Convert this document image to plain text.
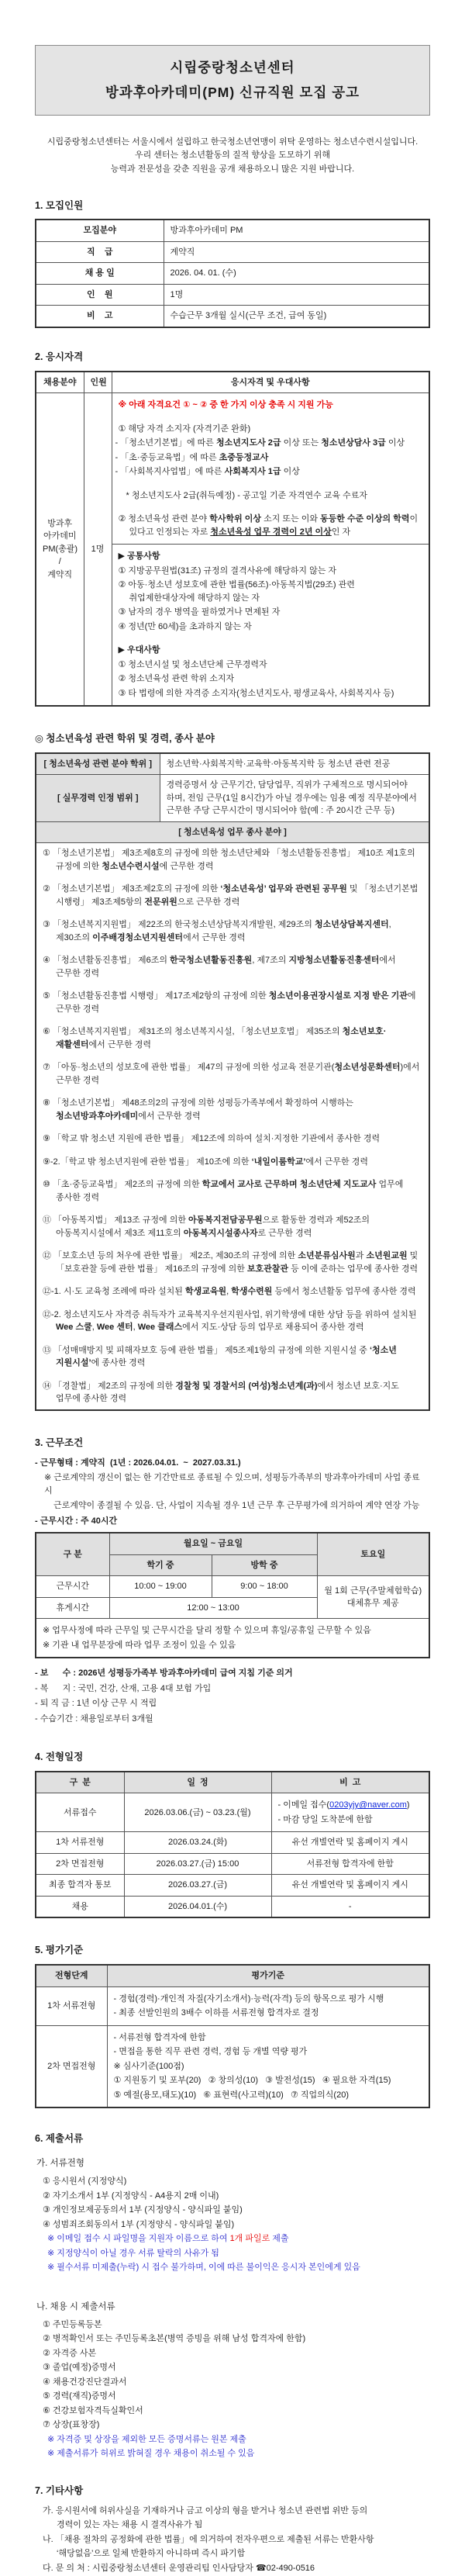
시립중랑청소년센터
방과후아카데미(PM) 신규직원 모집 공고
시립중랑청소년센터는 서울시에서 설립하고 한국청소년연맹이 위탁 운영하는 청소년수련시설입니다.
우리 센터는 청소년활동의 질적 향상을 도모하기 위해
능력과 전문성을 갖춘 직원을 공개 채용하오니 많은 지원 바랍니다.
1. 모집인원
모집분야	방과후아카데미 PM
직    급	계약직
채 용 일	2026. 04. 01. (수)
인    원	1명
비    고	수습근무 3개월 실시(근무 조건, 급여 동일)
2. 응시자격
채용분야	인원	응시자격 및 우대사항
방과후
아카데미
PM(총괄)
/
계약직	1명	
※ 아래 자격요건 ① ~ ② 중 한 가지 이상 충족 시 지원 가능
① 해당 자격 소지자 (자격기준 완화)
- 「청소년기본법」에 따른 청소년지도사 2급 이상 또는 청소년상담사 3급 이상
- 「초·중등교육법」에 따른 초중등정교사
- 「사회복지사업법」에 따른 사회복지사 1급 이상
* 청소년지도사 2급(취득예정) - 공고일 기준 자격연수 교육 수료자
② 청소년육성 관련 분야 학사학위 이상 소지 또는 이와 동등한 수준 이상의 학력이 있다고 인정되는 자로 청소년육성 업무 경력이 2년 이상인 자

▶ 공통사항
① 지방공무원법(31조) 규정의 결격사유에 해당하지 않는 자
② 아동·청소년 성보호에 관한 법률(56조)·아동복지법(29조) 관련 취업제한대상자에 해당하지 않는 자
③ 남자의 경우 병역을 필하였거나 면제된 자
④ 정년(만 60세)을 초과하지 않는 자
▶ 우대사항
① 청소년시설 및 청소년단체 근무경력자
② 청소년육성 관련 학위 소지자
③ 타 법령에 의한 자격증 소지자(청소년지도사, 평생교육사, 사회복지사 등)
◎ 청소년육성 관련 학위 및 경력, 종사 분야
[ 청소년육성 관련 분야 학위 ]	청소년학·사회복지학·교육학·아동복지학 등 청소년 관련 전공
[ 실무경력 인정 범위 ]	경력증명서 상 근무기간, 담당업무, 직위가 구체적으로 명시되어야 하며, 전임 근무(1일 8시간)가 아닐 경우에는 임용 예정 직무분야에서 근무한 주당 근무시간이 명시되어야 함(예 : 주 20시간 근무 등)
[ 청소년육성 업무 종사 분야 ]	

① 「청소년기본법」 제3조제8호의 규정에 의한 청소년단체와 「청소년활동진흥법」 제10조 제1호의 규정에 의한 청소년수련시설에 근무한 경력
② 「청소년기본법」 제3조제2호의 규정에 의한 ‘청소년육성’ 업무와 관련된 공무원 및 「청소년기본법 시행령」 제3조제5항의 전문위원으로 근무한 경력
③ 「청소년복지지원법」 제22조의 한국청소년상담복지개발원, 제29조의 청소년상담복지센터, 제30조의 이주배경청소년지원센터에서 근무한 경력
④ 「청소년활동진흥법」 제6조의 한국청소년활동진흥원, 제7조의 지방청소년활동진흥센터에서 근무한 경력
⑤ 「청소년활동진흥법 시행령」 제17조제2항의 규정에 의한 청소년이용권장시설로 지정 받은 기관에 근무한 경력
⑥ 「청소년복지지원법」 제31조의 청소년복지시설, 「청소년보호법」 제35조의 청소년보호· 재활센터에서 근무한 경력
⑦ 「아동·청소년의 성보호에 관한 법률」 제47의 규정에 의한 성교육 전문기관(청소년성문화센터)에서 근무한 경력
⑧ 「청소년기본법」 제48조의2의 규정에 의한 성평등가족부에서 확정하여 시행하는 청소년방과후아카데미에서 근무한 경력
⑨ 「학교 밖 청소년 지원에 관한 법률」 제12조에 의하여 설치·지정한 기관에서 종사한 경력
⑨-2.「학교 밖 청소년지원에 관한 법률」 제10조에 의한 ‘내일이룸학교’에서 근무한 경력
⑩ 「초·중등교육법」 제2조의 규정에 의한 학교에서 교사로 근무하며 청소년단체 지도교사 업무에 종사한 경력
⑪ 「아동복지법」 제13조 규정에 의한 아동복지전담공무원으로 활동한 경력과 제52조의 아동복지시설에서 제3조 제11호의 아동복지시설종사자로 근무한 경력
⑫ 「보호소년 등의 처우에 관한 법률」 제2조, 제30조의 규정에 의한 소년분류심사원과 소년원교원 및 「보호관찰 등에 관한 법률」 제16조의 규정에 의한 보호관찰관 등 이에 준하는 업무에 종사한 경력
⑫-1. 시·도 교육청 조례에 따라 설치된 학생교육원, 학생수련원 등에서 청소년활동 업무에 종사한 경력
⑫-2. 청소년지도사 자격증 취득자가 교육복지우선지원사업, 위기학생에 대한 상담 등을 위하여 설치된 Wee 스쿨, Wee 센터, Wee 클래스에서 지도·상담 등의 업무로 채용되어 종사한 경력
⑬ 「성매매방지 및 피해자보호 등에 관한 법률」 제5조제1항의 규정에 의한 지원시설 중 ‘청소년 지원시설’에 종사한 경력
⑭ 「경찰법」 제2조의 규정에 의한 경찰청 및 경찰서의 (여성)청소년계(과)에서 청소년 보호·지도 업무에 종사한 경력
3. 근무조건
- 근무형태 : 계약직  (1년 : 2026.04.01.  ~  2027.03.31.)
※ 근로계약의 갱신이 없는 한 기간만료로 종료될 수 있으며, 성평등가족부의 방과후아카데미 사업 종료 시
근로계약이 종결될 수 있음. 단, 사업이 지속될 경우 1년 근무 후 근무평가에 의거하여 계약 연장 가능
- 근무시간 : 주 40시간
구 분	월요일 ~ 금요일		토요일
	학기 중	방학 중	
근무시간	10:00 ~ 19:00	9:00 ~ 18:00	월 1회 근무(주말체험학습)
대체휴무 제공
휴게시간	12:00 ~ 13:00		

※ 업무사정에 따라 근무일 및 근무시간을 달리 정할 수 있으며 휴일/공휴일 근무할 수 있음
※ 기관 내 업무분장에 따라 업무 조정이 있을 수 있음			
- 보      수 : 2026년 성평등가족부 방과후아카데미 급여 지침 기준 의거
- 복      지 : 국민, 건강, 산재, 고용 4대 보험 가입
- 퇴 직 금 : 1년 이상 근무 시 적립
- 수습기간 : 채용일로부터 3개월
4. 전형일정
구  분	일  정	비  고
서류접수	2026.03.06.(금) ~ 03.23.(월)	- 이메일 접수(0203yjy@naver.com)
- 마감 당일 도착분에 한함

1차 서류전형	2026.03.24.(화)	유선 개별연락 및 홈페이지 게시
2차 면접전형	2026.03.27.(금) 15:00	서류전형 합격자에 한함
최종 합격자 통보	2026.03.27.(금)	유선 개별연락 및 홈페이지 게시
채용	2026.04.01.(수)	-
5. 평가기준
전형단계	평가기준
1차 서류전형	- 경험(경력)·개인적 자질(자기소개서)·능력(자격) 등의 항목으로 평가 시행
- 최종 선발인원의 3배수 이하를 서류전형 합격자로 결정

2차 면접전형	- 서류전형 합격자에 한함
- 면접을 통한 직무 관련 경력, 경험 등 개별 역량 평가
※ 심사기준(100점)
① 지원동기 및 포부(20)   ② 창의성(10)   ③ 발전성(15)   ④ 필요한 자격(15)
⑤ 예절(용모,태도)(10)   ⑥ 표현력(사고력)(10)   ⑦ 직업의식(20)
6. 제출서류
가. 서류전형
① 응시원서 (지정양식)
② 자기소개서 1부 (지정양식 - A4용지 2매 이내)
③ 개인정보제공동의서 1부 (지정양식 - 양식파일 붙임)
④ 성범죄조회동의서 1부 (지정양식 - 양식파일 붙임)
※ 이메일 접수 시 파일명을 지원자 이름으로 하여 1개 파일로 제출
※ 지정양식이 아닐 경우 서류 탈락의 사유가 됨
※ 필수서류 미제출(누락) 시 접수 불가하며, 이에 따른 불이익은 응시자 본인에게 있음
나. 채용 시 제출서류
① 주민등록등본
② 병적확인서 또는 주민등록초본(병역 증빙을 위해 남성 합격자에 한함)
② 자격증 사본
③ 졸업(예정)증명서
④ 채용건강진단결과서
⑤ 경력(재직)증명서
⑥ 건강보험자격득실확인서
⑦ 상장(표창장)
※ 자격증 및 상장을 제외한 모든 증명서류는 원본 제출
※ 제출서류가 허위로 밝혀질 경우 채용이 취소될 수 있음
7. 기타사항
가. 응시원서에 허위사실을 기재하거나 금고 이상의 형을 받거나 청소년 관련법 위반 등의
경력이 있는 자는 채용 시 결격사유가 됨
나. 「채용 절차의 공정화에 관한 법률」에 의거하여 전자우편으로 제출된 서류는 반환사항
‘해당없음’으로 일체 반환하지 아니하며 즉시 파기함
다. 문 의 처 : 시립중랑청소년센터 운영관리팀 인사담당자 ☎02-490-0516
